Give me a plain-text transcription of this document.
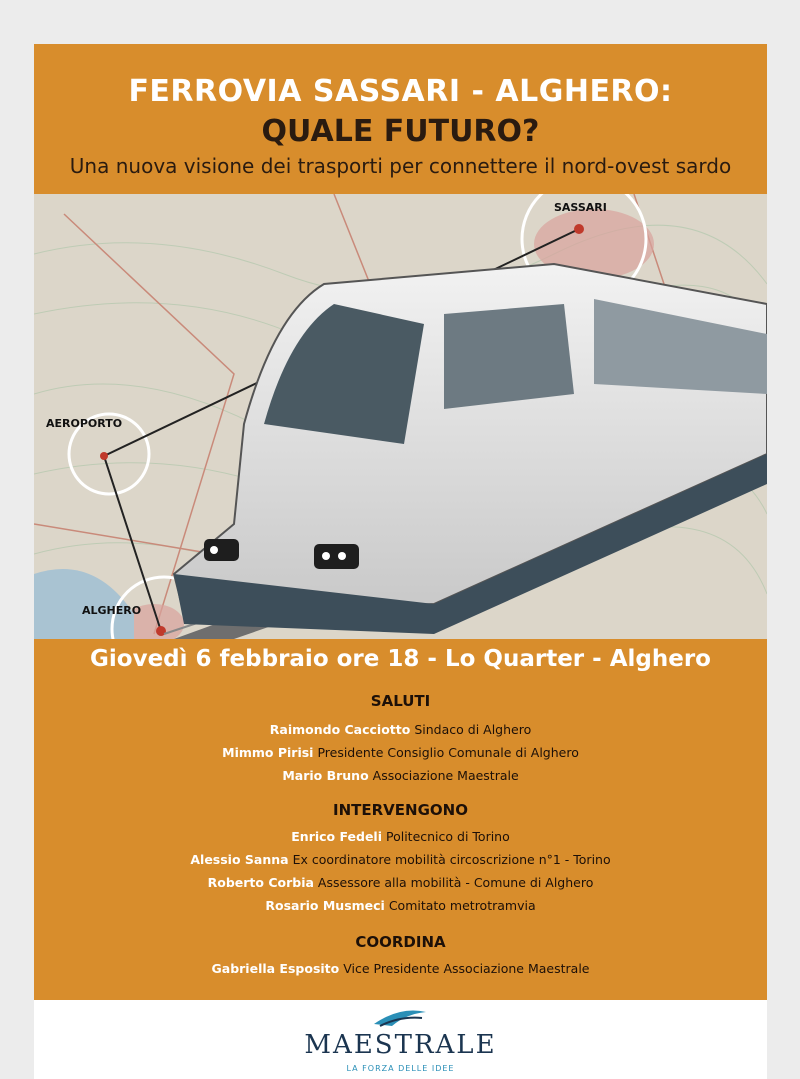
FERROVIA SASSARI - ALGHERO:
QUALE FUTURO?
Una nuova visione dei trasporti per connettere il nord-ovest sardo
SASSARI
AEROPORTO
ALGHERO
Giovedì 6 febbraio ore 18 - Lo Quarter - Alghero
SALUTI
Raimondo Cacciotto Sindaco di Alghero
Mimmo Pirisi Presidente Consiglio Comunale di Alghero
Mario Bruno Associazione Maestrale
INTERVENGONO
Enrico Fedeli Politecnico di Torino
Alessio Sanna Ex coordinatore mobilità circoscrizione n°1 - Torino
Roberto Corbia Assessore alla mobilità - Comune di Alghero
Rosario Musmeci Comitato metrotramvia
COORDINA
Gabriella Esposito Vice Presidente Associazione Maestrale
MAESTRALE
LA FORZA DELLE IDEE
